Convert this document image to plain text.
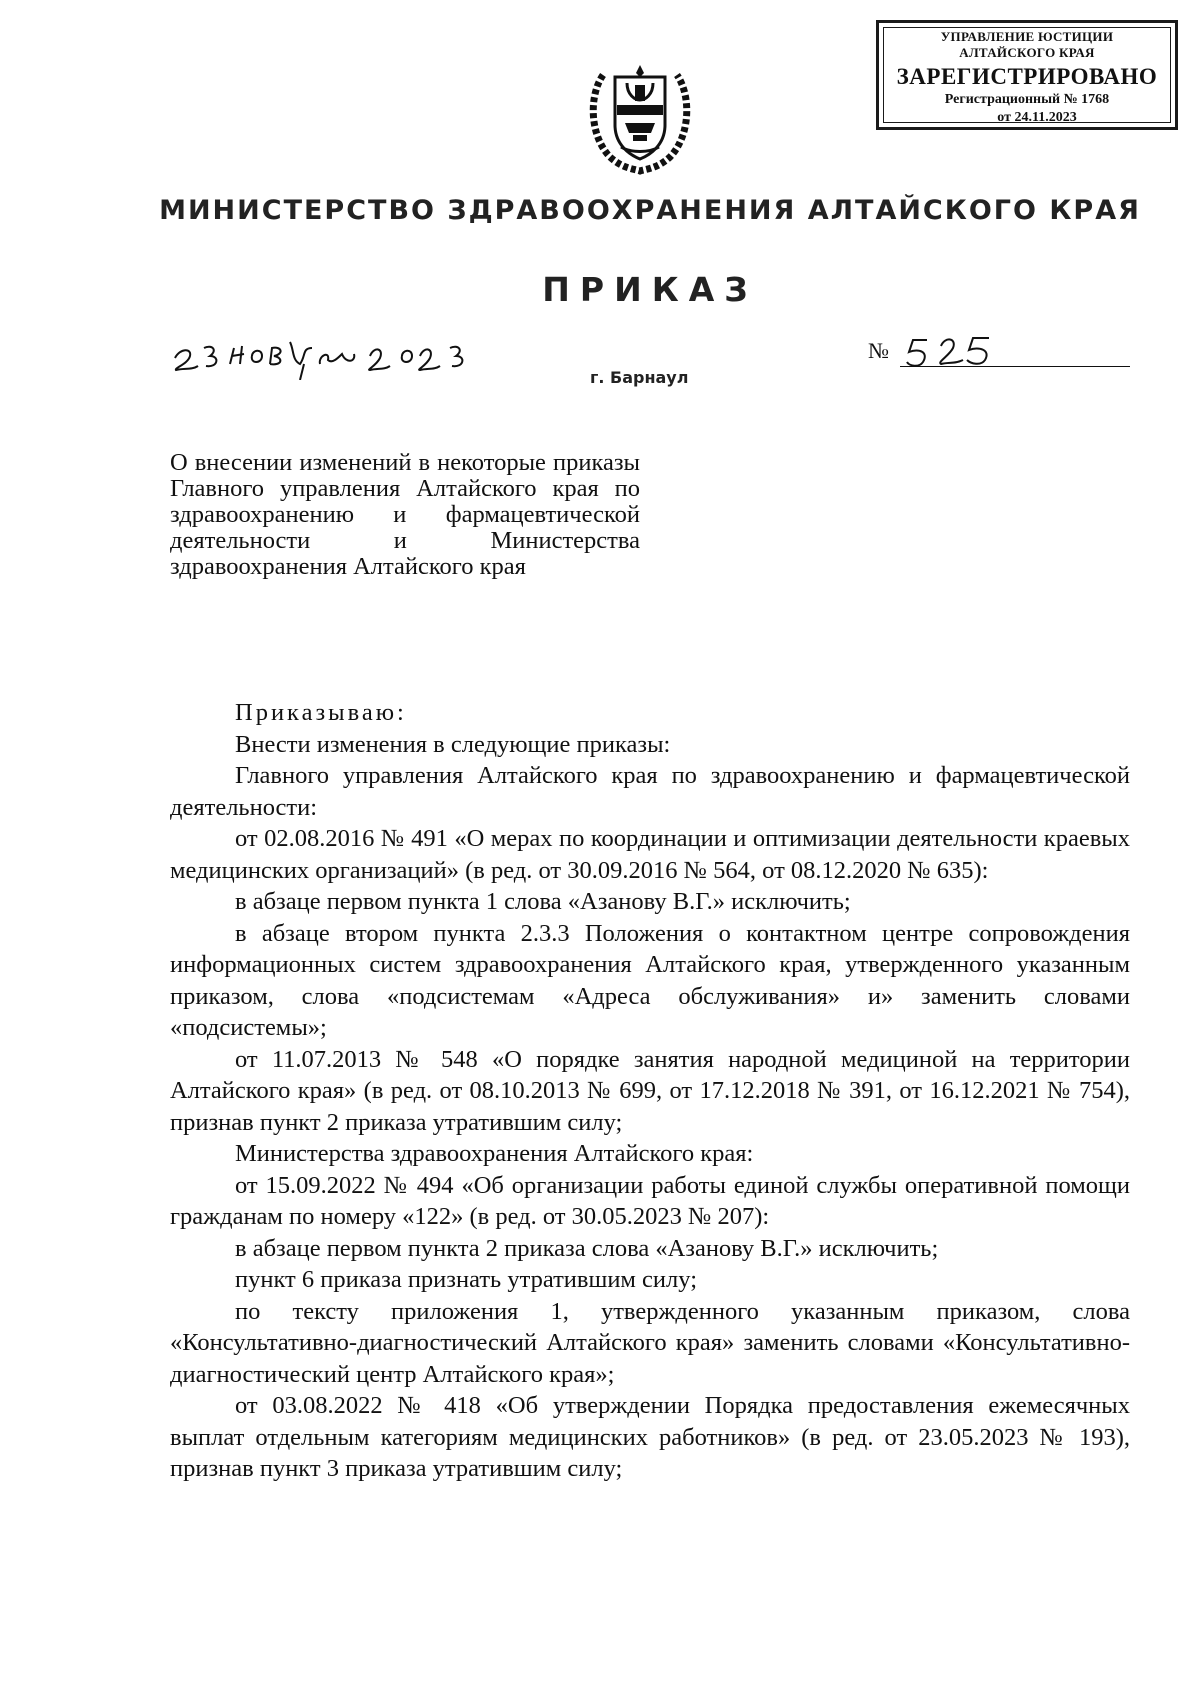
УПРАВЛЕНИЕ ЮСТИЦИИ
АЛТАЙСКОГО КРАЯ
ЗАРЕГИСТРИРОВАНО
Регистрационный № 1768
от 24.11.2023
МИНИСТЕРСТВО ЗДРАВООХРАНЕНИЯ АЛТАЙСКОГО КРАЯ
ПРИКАЗ
№
г. Барнаул
О внесении изменений в некоторые приказы Главного управления Алтайского края по здравоохранению и фармацевтической деятельности и Министерства здравоохранения Алтайского края

Приказываю:

Внести изменения в следующие приказы:

Главного управления Алтайского края по здравоохранению и фармацевтической деятельности:

от 02.08.2016 № 491 «О мерах по координации и оптимизации деятельности краевых медицинских организаций» (в ред. от 30.09.2016 № 564, от 08.12.2020 № 635):

в абзаце первом пункта 1 слова «Азанову В.Г.» исключить;

в абзаце втором пункта 2.3.3 Положения о контактном центре сопровождения информационных систем здравоохранения Алтайского края, утвержденного указанным приказом, слова «подсистемам «Адреса обслуживания» и» заменить словами «подсистемы»;

от 11.07.2013 № 548 «О порядке занятия народной медициной на территории Алтайского края» (в ред. от 08.10.2013 № 699, от 17.12.2018 № 391, от 16.12.2021 № 754), признав пункт 2 приказа утратившим силу;

Министерства здравоохранения Алтайского края:

от 15.09.2022 № 494 «Об организации работы единой службы оперативной помощи гражданам по номеру «122» (в ред. от 30.05.2023 № 207):

в абзаце первом пункта 2 приказа слова «Азанову В.Г.» исключить;

пункт 6 приказа признать утратившим силу;

по тексту приложения 1, утвержденного указанным приказом, слова «Консультативно-диагностический Алтайского края» заменить словами «Консультативно-диагностический центр Алтайского края»;

от 03.08.2022 № 418 «Об утверждении Порядка предоставления ежемесячных выплат отдельным категориям медицинских работников» (в ред. от 23.05.2023 № 193), признав пункт 3 приказа утратившим силу;
